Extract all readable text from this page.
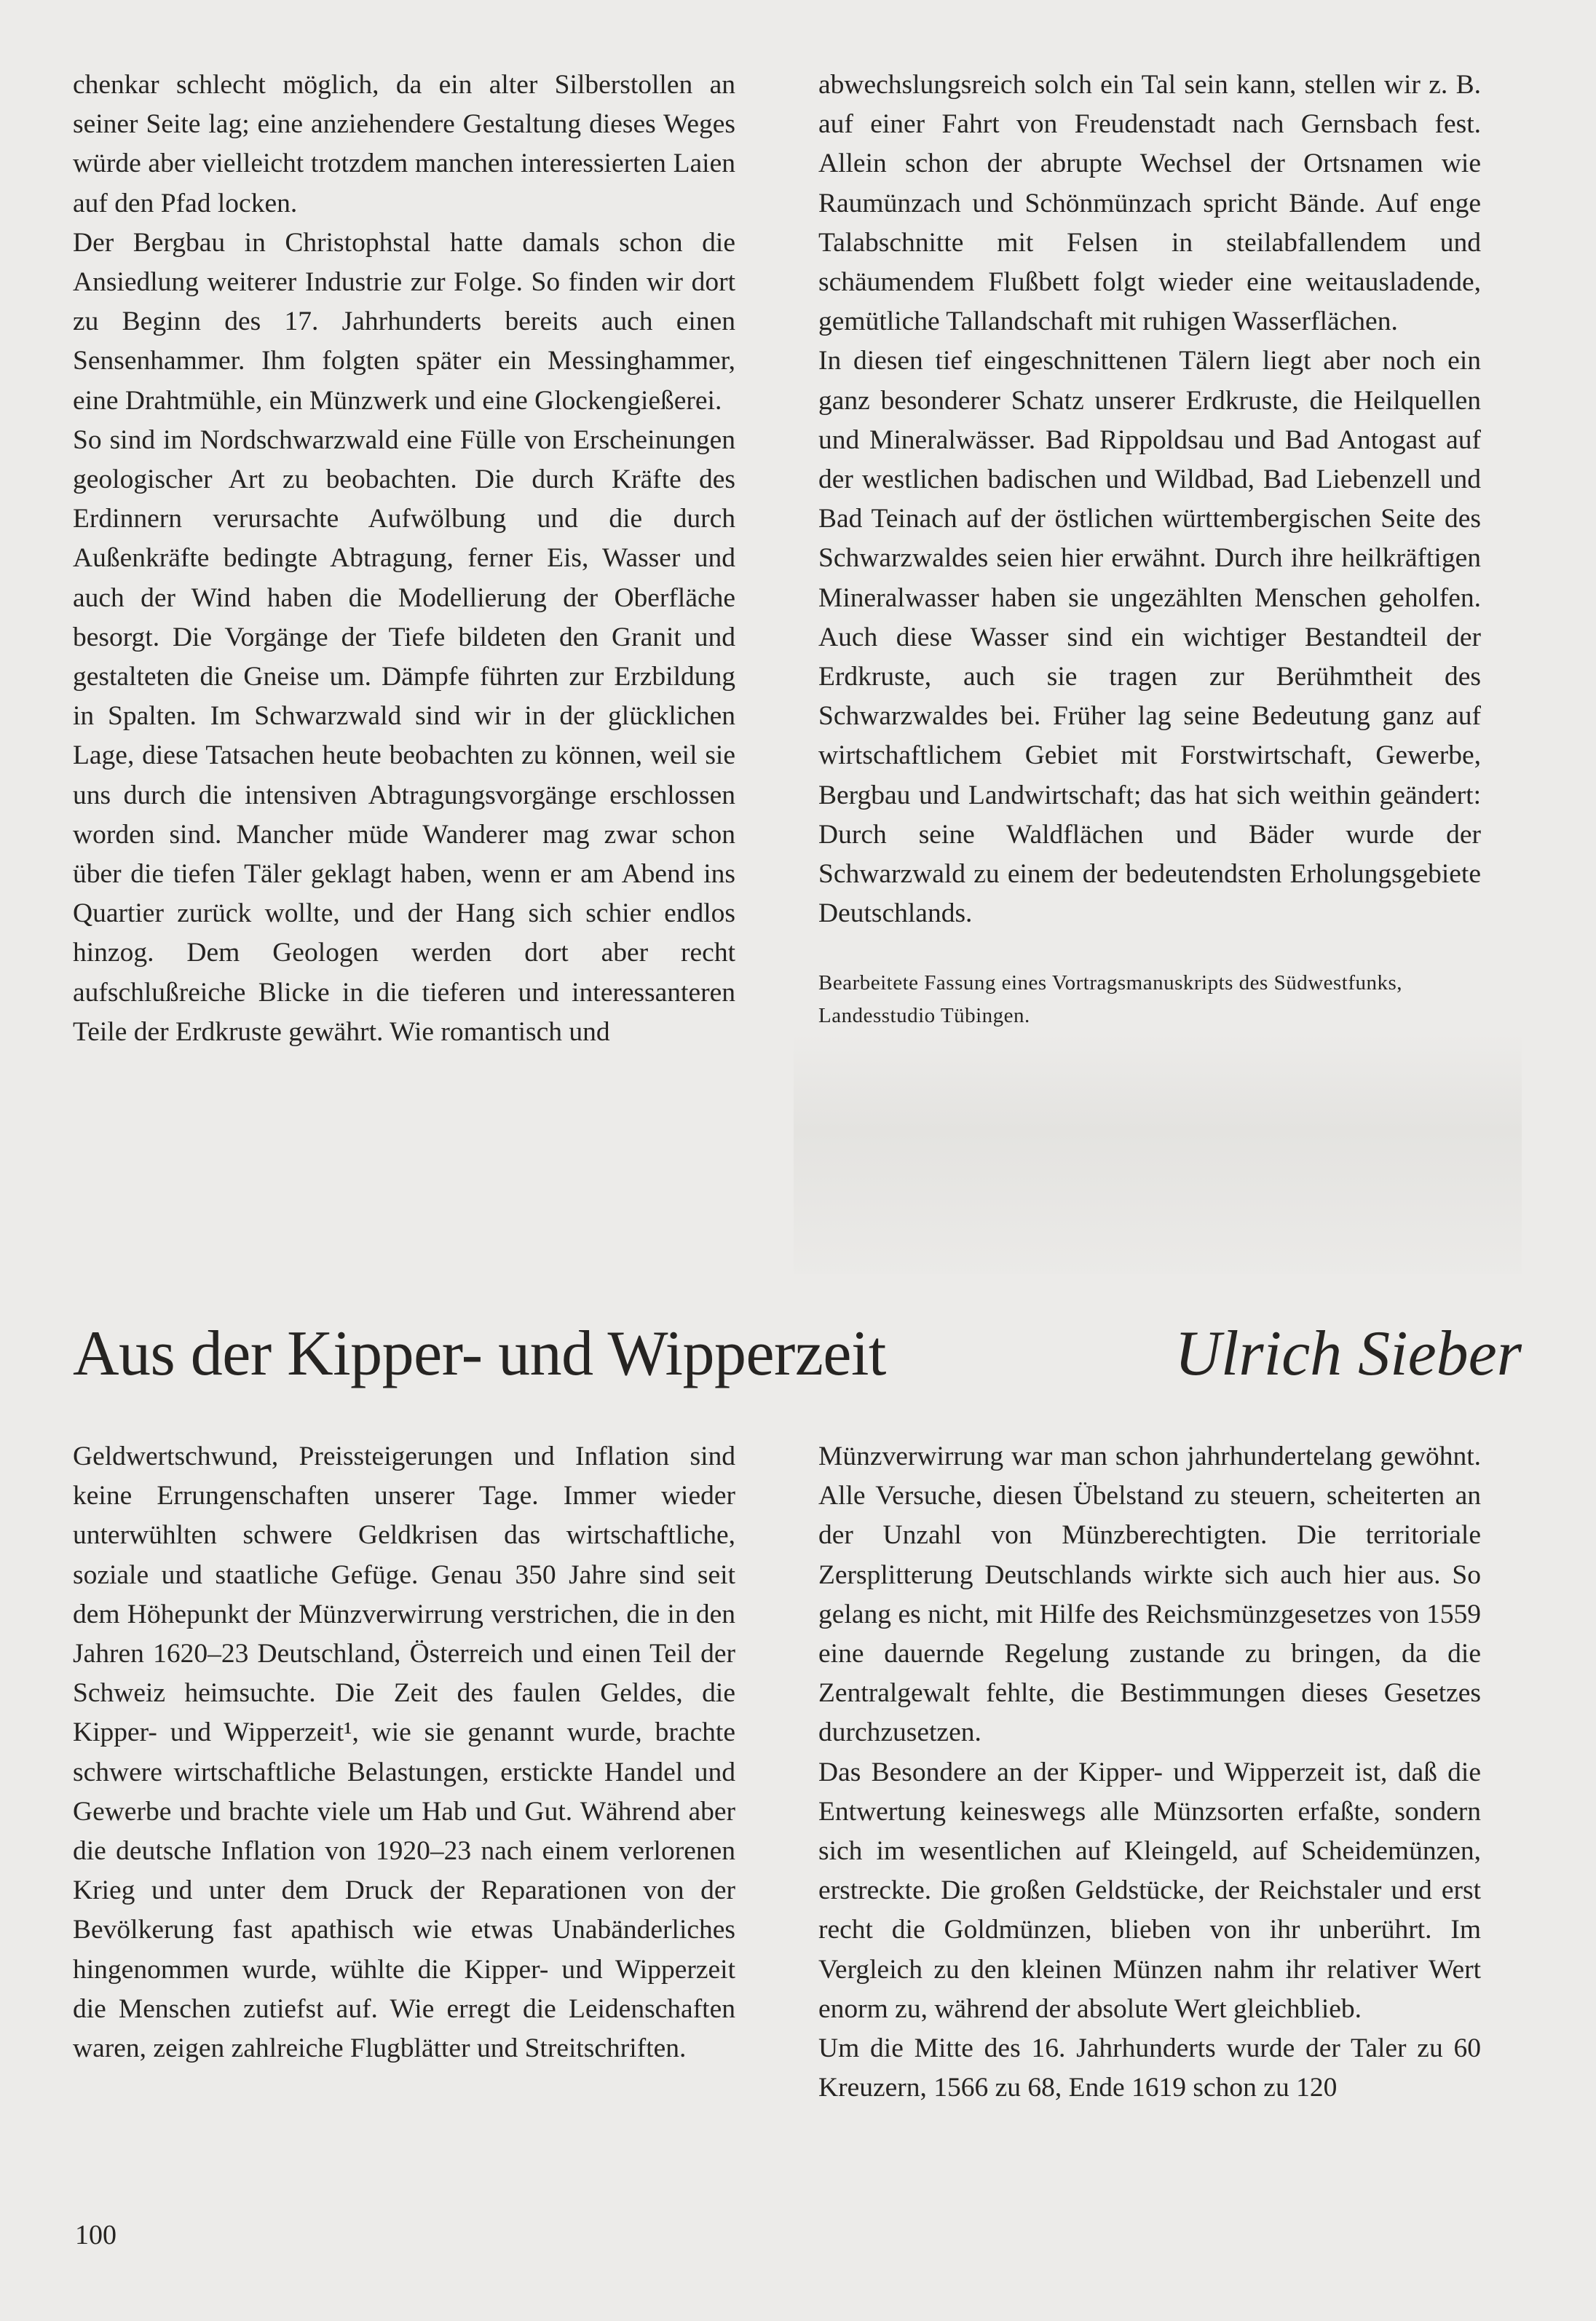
chenkar schlecht möglich, da ein alter Silberstollen an seiner Seite lag; eine anziehendere Gestaltung dieses Weges würde aber vielleicht trotzdem manchen interessierten Laien auf den Pfad locken.

Der Bergbau in Christophstal hatte damals schon die Ansiedlung weiterer Industrie zur Folge. So finden wir dort zu Beginn des 17. Jahrhunderts bereits auch einen Sensenhammer. Ihm folgten später ein Messinghammer, eine Drahtmühle, ein Münzwerk und eine Glockengießerei.

So sind im Nordschwarzwald eine Fülle von Erscheinungen geologischer Art zu beobachten. Die durch Kräfte des Erdinnern verursachte Aufwölbung und die durch Außenkräfte bedingte Abtragung, ferner Eis, Wasser und auch der Wind haben die Modellierung der Oberfläche besorgt. Die Vorgänge der Tiefe bildeten den Granit und gestalteten die Gneise um. Dämpfe führten zur Erzbildung in Spalten. Im Schwarzwald sind wir in der glücklichen Lage, diese Tatsachen heute beobachten zu können, weil sie uns durch die intensiven Abtragungsvorgänge erschlossen worden sind. Mancher müde Wanderer mag zwar schon über die tiefen Täler geklagt haben, wenn er am Abend ins Quartier zurück wollte, und der Hang sich schier endlos hinzog. Dem Geologen werden dort aber recht aufschlußreiche Blicke in die tieferen und interessanteren Teile der Erdkruste gewährt. Wie romantisch und

abwechslungsreich solch ein Tal sein kann, stellen wir z. B. auf einer Fahrt von Freudenstadt nach Gernsbach fest. Allein schon der abrupte Wechsel der Ortsnamen wie Raumünzach und Schönmünzach spricht Bände. Auf enge Talabschnitte mit Felsen in steilabfallendem und schäumendem Flußbett folgt wieder eine weitausladende, gemütliche Tallandschaft mit ruhigen Wasserflächen.

In diesen tief eingeschnittenen Tälern liegt aber noch ein ganz besonderer Schatz unserer Erdkruste, die Heilquellen und Mineralwässer. Bad Rippoldsau und Bad Antogast auf der westlichen badischen und Wildbad, Bad Liebenzell und Bad Teinach auf der östlichen württembergischen Seite des Schwarzwaldes seien hier erwähnt. Durch ihre heilkräftigen Mineralwasser haben sie ungezählten Menschen geholfen. Auch diese Wasser sind ein wichtiger Bestandteil der Erdkruste, auch sie tragen zur Berühmtheit des Schwarzwaldes bei. Früher lag seine Bedeutung ganz auf wirtschaftlichem Gebiet mit Forstwirtschaft, Gewerbe, Bergbau und Landwirtschaft; das hat sich weithin geändert: Durch seine Waldflächen und Bäder wurde der Schwarzwald zu einem der bedeutendsten Erholungsgebiete Deutschlands.

Bearbeitete Fassung eines Vortragsmanuskripts des Südwestfunks, Landesstudio Tübingen.

Aus der Kipper- und Wipperzeit	Ulrich Sieber

Geldwertschwund, Preissteigerungen und Inflation sind keine Errungenschaften unserer Tage. Immer wieder unterwühlten schwere Geldkrisen das wirtschaftliche, soziale und staatliche Gefüge. Genau 350 Jahre sind seit dem Höhepunkt der Münzverwirrung verstrichen, die in den Jahren 1620–23 Deutschland, Österreich und einen Teil der Schweiz heimsuchte. Die Zeit des faulen Geldes, die Kipper- und Wipperzeit¹, wie sie genannt wurde, brachte schwere wirtschaftliche Belastungen, erstickte Handel und Gewerbe und brachte viele um Hab und Gut. Während aber die deutsche Inflation von 1920–23 nach einem verlorenen Krieg und unter dem Druck der Reparationen von der Bevölkerung fast apathisch wie etwas Unabänderliches hingenommen wurde, wühlte die Kipper- und Wipperzeit die Menschen zutiefst auf. Wie erregt die Leidenschaften waren, zeigen zahlreiche Flugblätter und Streitschriften.

Münzverwirrung war man schon jahrhundertelang gewöhnt. Alle Versuche, diesen Übelstand zu steuern, scheiterten an der Unzahl von Münzberechtigten. Die territoriale Zersplitterung Deutschlands wirkte sich auch hier aus. So gelang es nicht, mit Hilfe des Reichsmünzgesetzes von 1559 eine dauernde Regelung zustande zu bringen, da die Zentralgewalt fehlte, die Bestimmungen dieses Gesetzes durchzusetzen.

Das Besondere an der Kipper- und Wipperzeit ist, daß die Entwertung keineswegs alle Münzsorten erfaßte, sondern sich im wesentlichen auf Kleingeld, auf Scheidemünzen, erstreckte. Die großen Geldstücke, der Reichstaler und erst recht die Goldmünzen, blieben von ihr unberührt. Im Vergleich zu den kleinen Münzen nahm ihr relativer Wert enorm zu, während der absolute Wert gleichblieb.

Um die Mitte des 16. Jahrhunderts wurde der Taler zu 60 Kreuzern, 1566 zu 68, Ende 1619 schon zu 120

100
